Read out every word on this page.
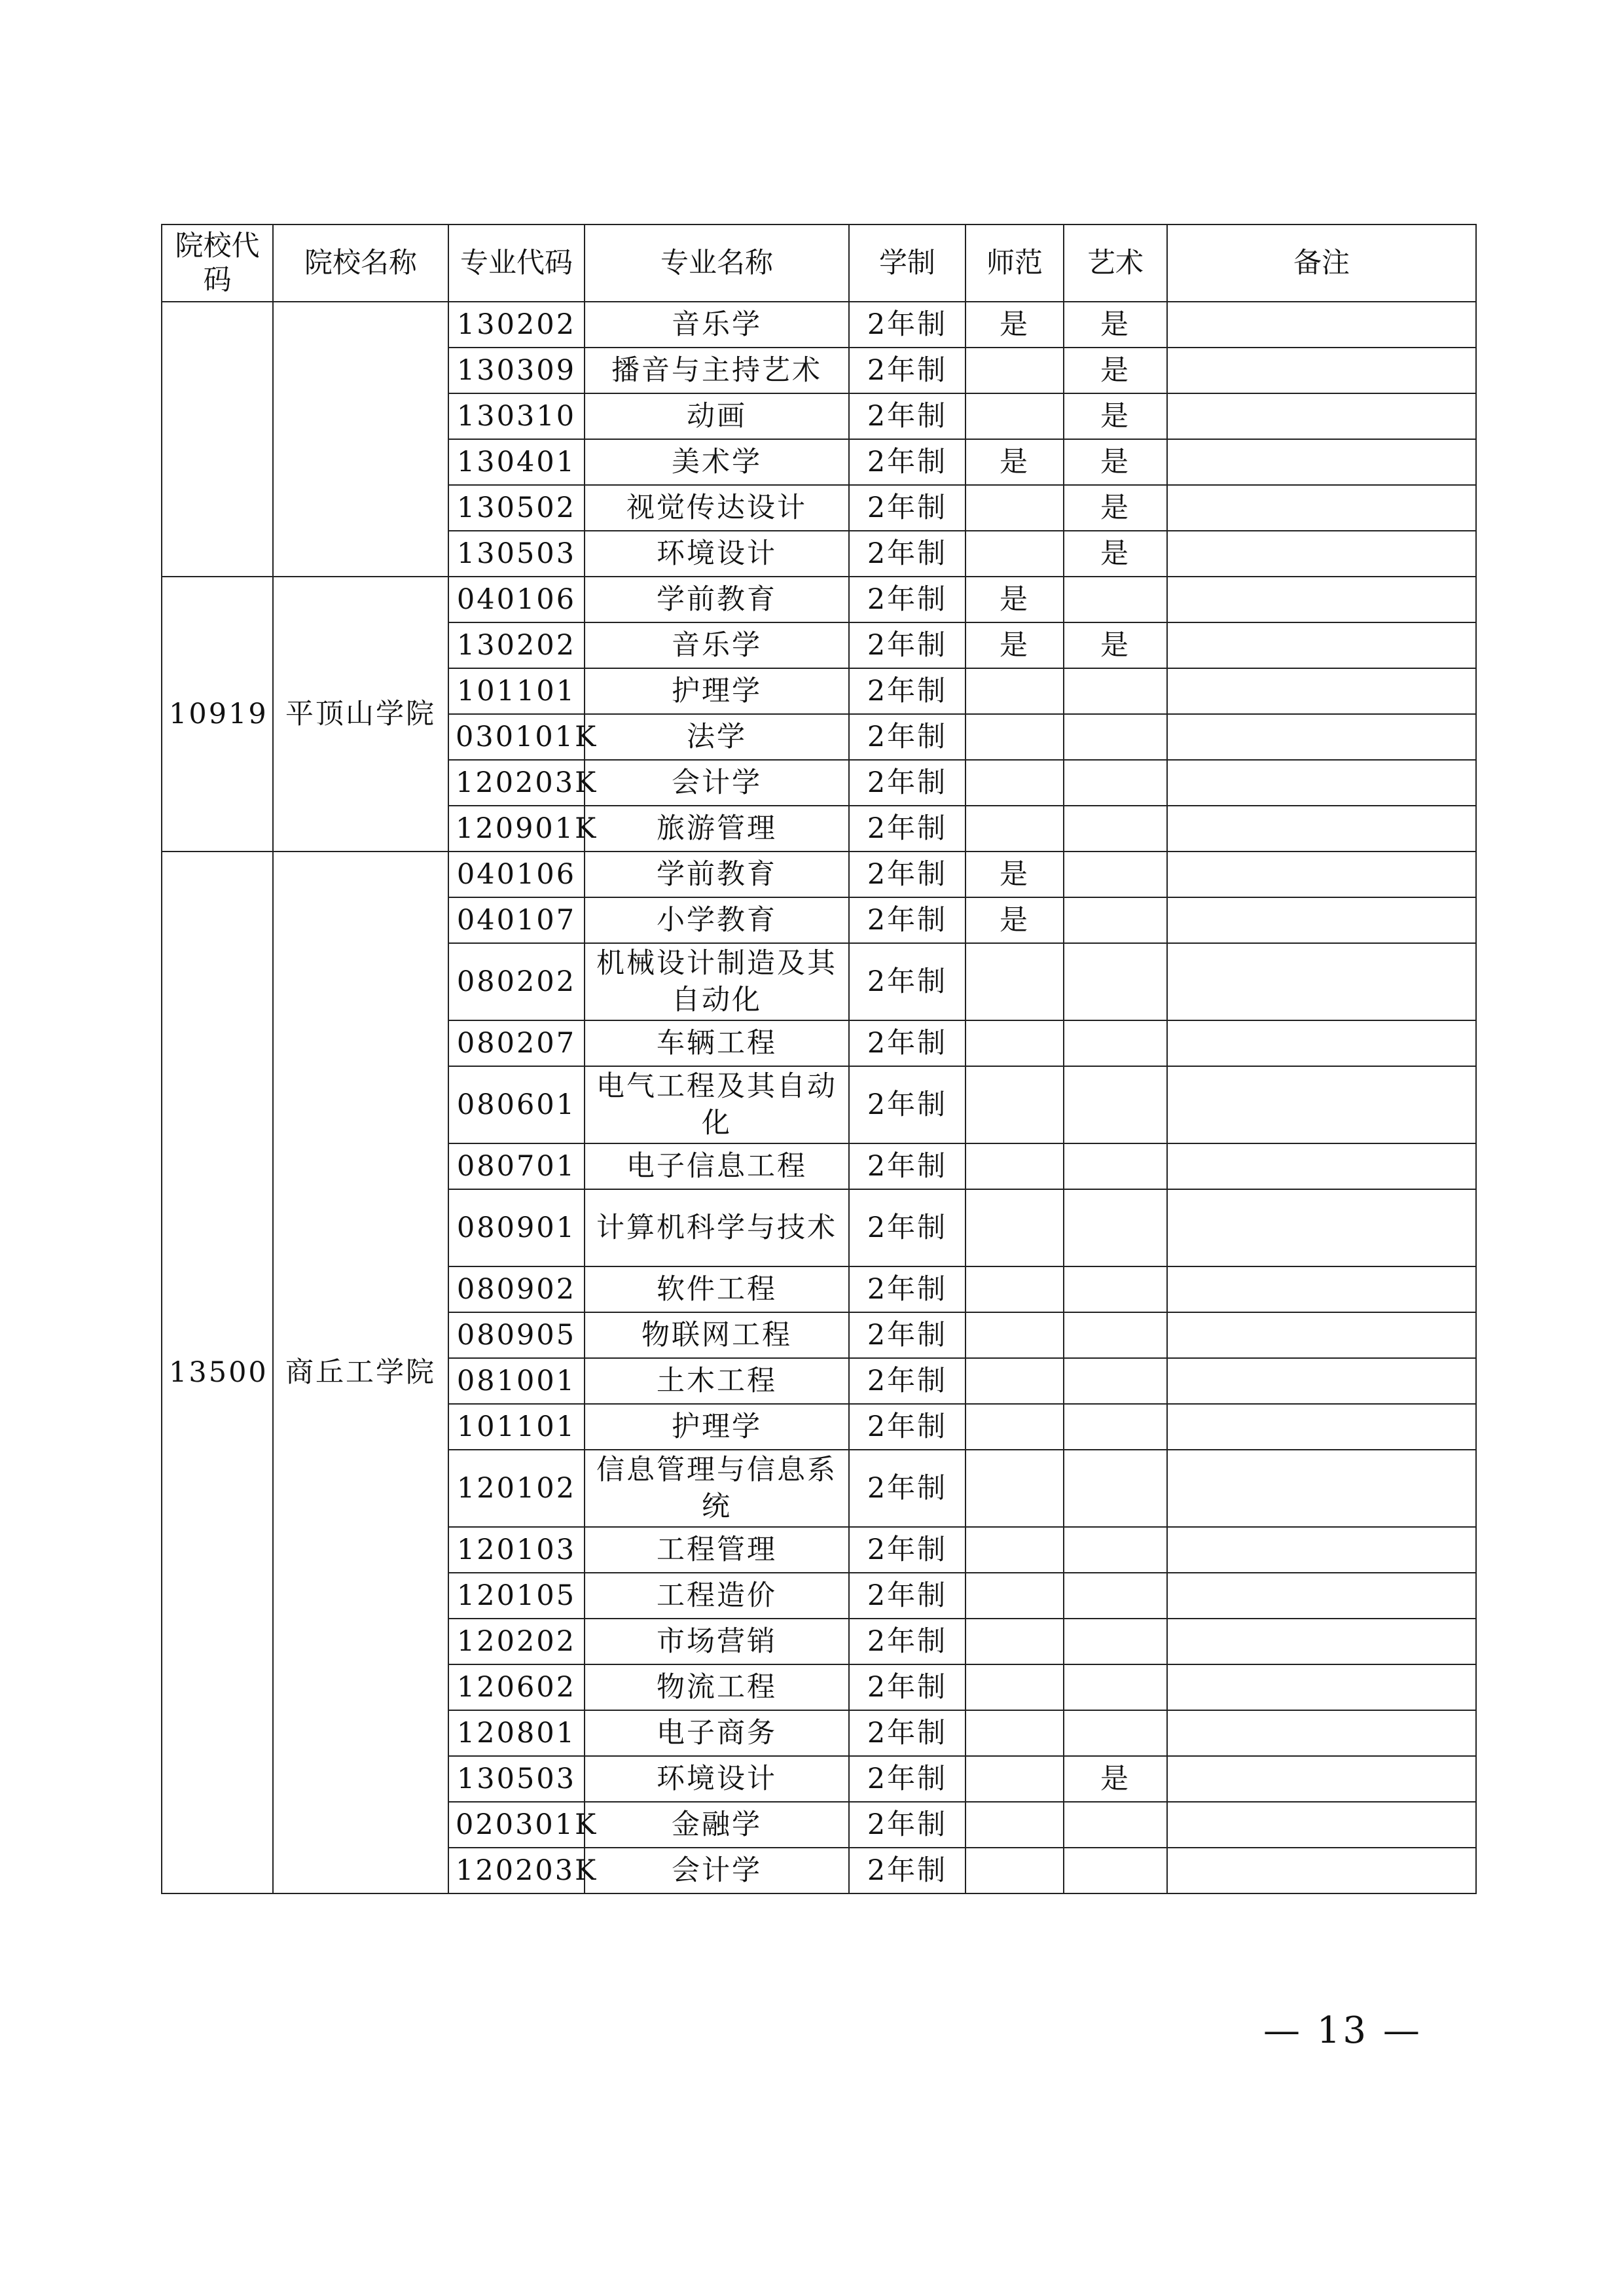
院校代码	院校名称	专业代码	专业名称	学制	师范	艺术	备注
		130202	音乐学	2年制	是	是	
		130309	播音与主持艺术	2年制		是	
		130310	动画	2年制		是	
		130401	美术学	2年制	是	是	
		130502	视觉传达设计	2年制		是	
		130503	环境设计	2年制		是	
10919	平顶山学院	040106	学前教育	2年制	是		
		130202	音乐学	2年制	是	是	
		101101	护理学	2年制			
		030101K	法学	2年制			
		120203K	会计学	2年制			
		120901K	旅游管理	2年制			
13500	商丘工学院	040106	学前教育	2年制	是		
		040107	小学教育	2年制	是		
		080202	机械设计制造及其自动化	2年制			
		080207	车辆工程	2年制			
		080601	电气工程及其自动化	2年制			
		080701	电子信息工程	2年制			
		080901	计算机科学与技术	2年制			
		080902	软件工程	2年制			
		080905	物联网工程	2年制			
		081001	土木工程	2年制			
		101101	护理学	2年制			
		120102	信息管理与信息系统	2年制			
		120103	工程管理	2年制			
		120105	工程造价	2年制			
		120202	市场营销	2年制			
		120602	物流工程	2年制			
		120801	电子商务	2年制			
		130503	环境设计	2年制		是	
		020301K	金融学	2年制			
		120203K	会计学	2年制			
— 13 —
